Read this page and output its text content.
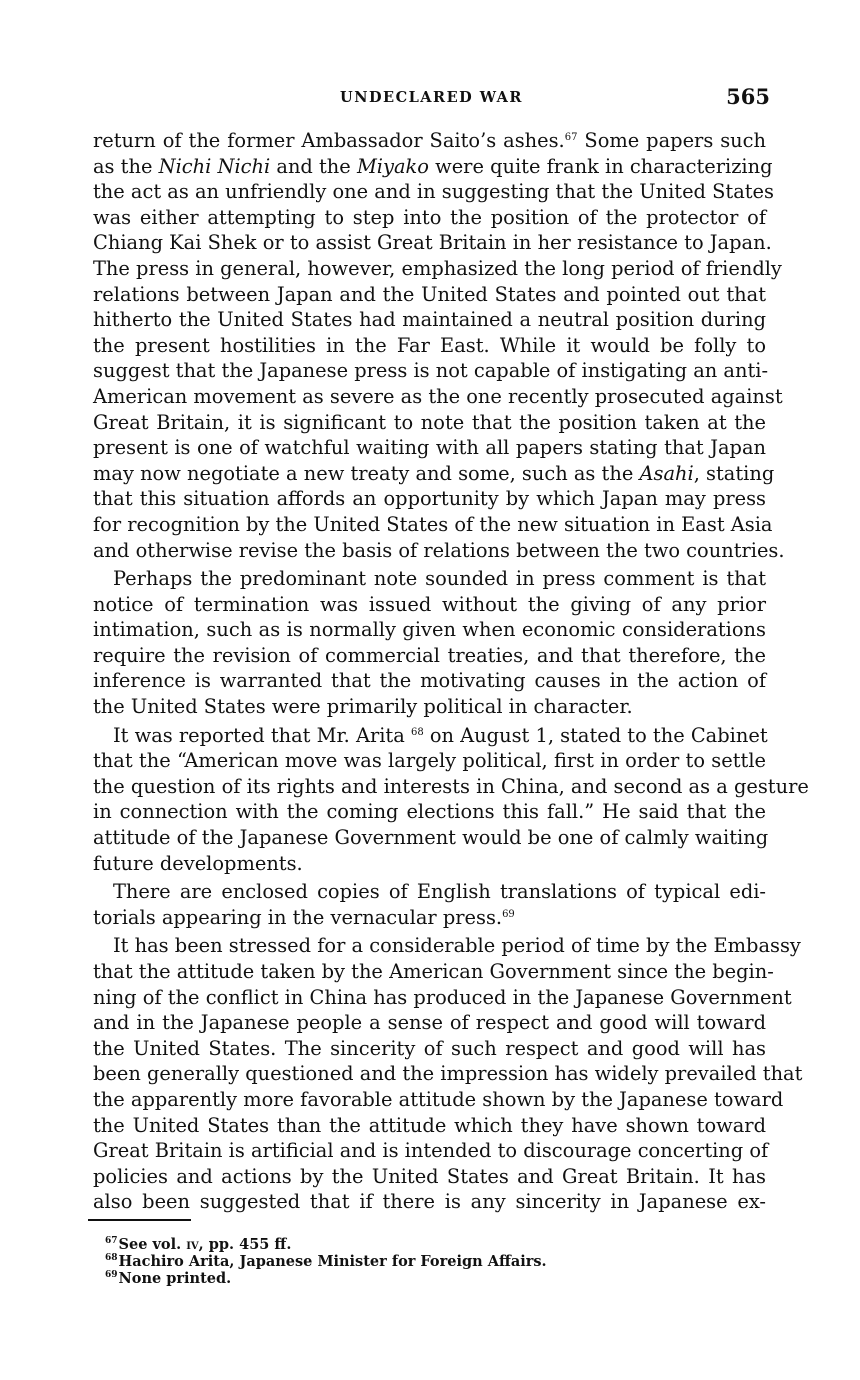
UNDECLARED WAR	565
return of the former Ambassador Saito’s ashes.$^{67}$ Some papers such
as the Nichi Nichi and the Miyako were quite frank in characterizing
the act as an unfriendly one and in suggesting that the United States
was either attempting to step into the position of the protector of
Chiang Kai Shek or to assist Great Britain in her resistance to Japan.
The press in general, however, emphasized the long period of friendly
relations between Japan and the United States and pointed out that
hitherto the United States had maintained a neutral position during
the present hostilities in the Far East. While it would be folly to
suggest that the Japanese press is not capable of instigating an anti-
American movement as severe as the one recently prosecuted against
Great Britain, it is significant to note that the position taken at the
present is one of watchful waiting with all papers stating that Japan
may now negotiate a new treaty and some, such as the Asahi, stating
that this situation affords an opportunity by which Japan may press
for recognition by the United States of the new situation in East Asia
and otherwise revise the basis of relations between the two countries.
Perhaps the predominant note sounded in press comment is that
notice of termination was issued without the giving of any prior
intimation, such as is normally given when economic considerations
require the revision of commercial treaties, and that therefore, the
inference is warranted that the motivating causes in the action of
the United States were primarily political in character.
It was reported that Mr. Arita $^{68}$ on August 1, stated to the Cabinet
that the “American move was largely political, first in order to settle
the question of its rights and interests in China, and second as a gesture
in connection with the coming elections this fall.” He said that the
attitude of the Japanese Government would be one of calmly waiting
future developments.
There are enclosed copies of English translations of typical edi-
torials appearing in the vernacular press.$^{69}$
It has been stressed for a considerable period of time by the Embassy
that the attitude taken by the American Government since the begin-
ning of the conflict in China has produced in the Japanese Government
and in the Japanese people a sense of respect and good will toward
the United States. The sincerity of such respect and good will has
been generally questioned and the impression has widely prevailed that
the apparently more favorable attitude shown by the Japanese toward
the United States than the attitude which they have shown toward
Great Britain is artificial and is intended to discourage concerting of
policies and actions by the United States and Great Britain. It has
also been suggested that if there is any sincerity in Japanese ex-
$^{67}$See vol. iv, pp. 455 ff.
$^{68}$Hachiro Arita, Japanese Minister for Foreign Affairs.
$^{69}$None printed.
